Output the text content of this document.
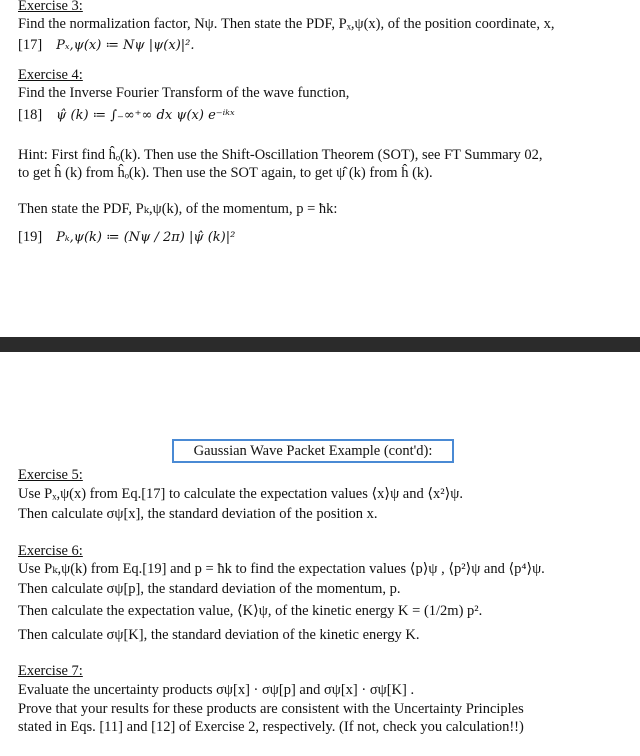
Exercise 3:
Find the normalization factor, Nψ. Then state the PDF, Pₓ,ψ(x), of the position coordinate, x,
[17] Pₓ,ψ(x) ≔ Nψ |ψ(x)|².
Exercise 4:
Find the Inverse Fourier Transform of the wave function,
[18] ψ̂ (k) ≔ ∫₋∞⁺∞ dx ψ(x) e⁻ⁱᵏˣ
Hint: First find ĥₒ(k). Then use the Shift-Oscillation Theorem (SOT), see FT Summary 02,
to get ĥ (k) from ĥₒ(k). Then use the SOT again, to get ψ̂ (k) from ĥ (k).
Then state the PDF, Pₖ,ψ(k), of the momentum, p = ħk:
[19] Pₖ,ψ(k) ≔ (Nψ / 2π) |ψ̂ (k)|²
Gaussian Wave Packet Example (cont'd):
Exercise 5:
Use Pₓ,ψ(x) from Eq.[17] to calculate the expectation values ⟨x⟩ψ and ⟨x²⟩ψ.
Then calculate σψ[x], the standard deviation of the position x.
Exercise 6:
Use Pₖ,ψ(k) from Eq.[19] and p = ħk to find the expectation values ⟨p⟩ψ , ⟨p²⟩ψ and ⟨p⁴⟩ψ.
Then calculate σψ[p], the standard deviation of the momentum, p.
Then calculate the expectation value, ⟨K⟩ψ, of the kinetic energy K = (1/2m) p².
Then calculate σψ[K], the standard deviation of the kinetic energy K.
Exercise 7:
Evaluate the uncertainty products σψ[x] · σψ[p] and σψ[x] · σψ[K] .
Prove that your results for these products are consistent with the Uncertainty Principles
stated in Eqs. [11] and [12] of Exercise 2, respectively. (If not, check you calculation!!)
